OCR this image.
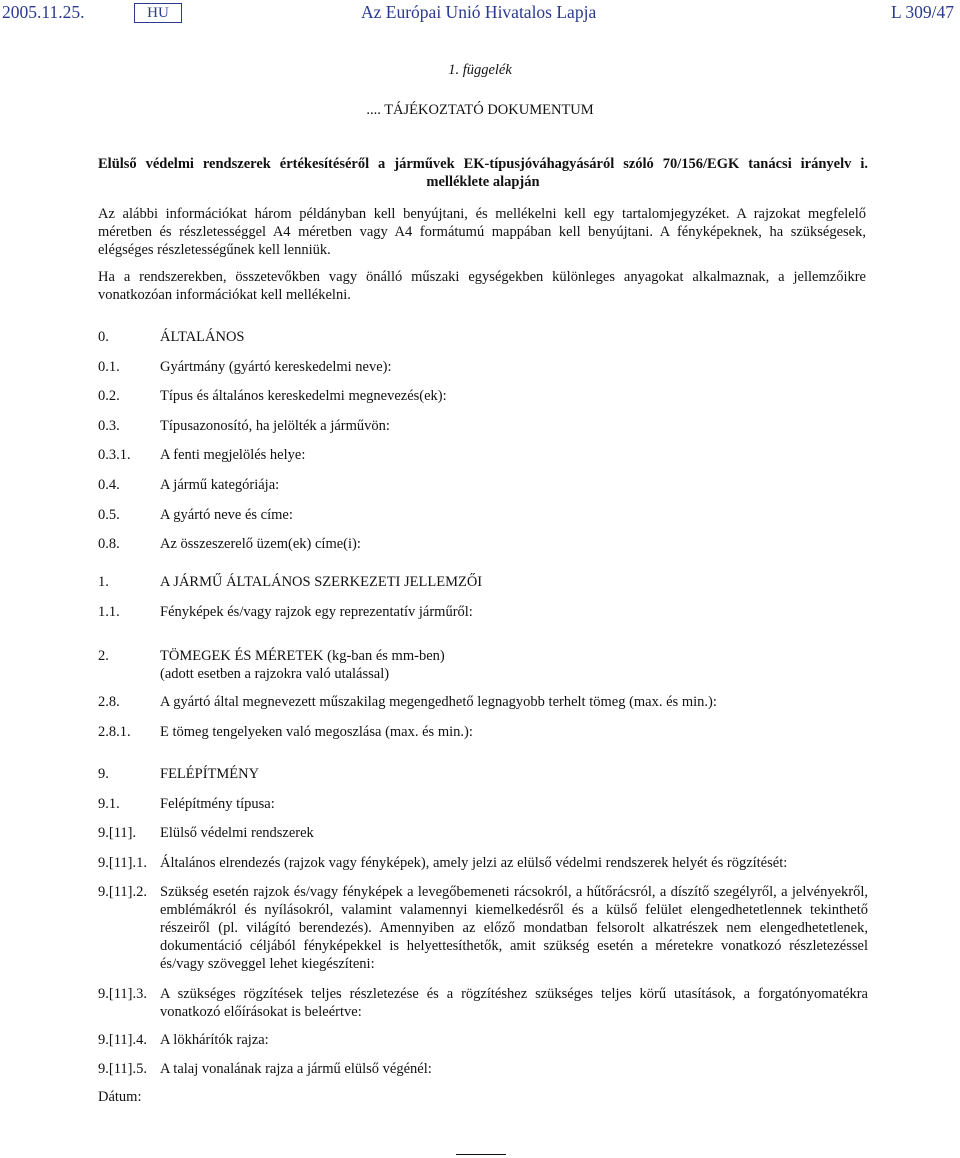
2005.11.25.	HU	Az Európai Unió Hivatalos Lapja	L 309/47
1. függelék
.... TÁJÉKOZTATÓ DOKUMENTUM
Elülső védelmi rendszerek értékesítéséről a járművek EK-típusjóváhagyásáról szóló 70/156/EGK tanácsi irányelv i. melléklete alapján
Az alábbi információkat három példányban kell benyújtani, és mellékelni kell egy tartalomjegyzéket. A rajzokat megfelelő méretben és részletességgel A4 méretben vagy A4 formátumú mappában kell benyújtani. A fényképeknek, ha szükségesek, elégséges részletességűnek kell lenniük.
Ha a rendszerekben, összetevőkben vagy önálló műszaki egységekben különleges anyagokat alkalmaznak, a jellemzőikre vonatkozóan információkat kell mellékelni.
0.	ÁLTALÁNOS
0.1.	Gyártmány (gyártó kereskedelmi neve):
0.2.	Típus és általános kereskedelmi megnevezés(ek):
0.3.	Típusazonosító, ha jelölték a járművön:
0.3.1. A fenti megjelölés helye:
0.4.	A jármű kategóriája:
0.5.	A gyártó neve és címe:
0.8.	Az összeszerelő üzem(ek) címe(i):
1.	A JÁRMŰ ÁLTALÁNOS SZERKEZETI JELLEMZŐI
1.1.	Fényképek és/vagy rajzok egy reprezentatív járműről:
2.	TÖMEGEK ÉS MÉRETEK (kg-ban és mm-ben)
(adott esetben a rajzokra való utalással)
2.8.	A gyártó által megnevezett műszakilag megengedhető legnagyobb terhelt tömeg (max. és min.):
2.8.1. E tömeg tengelyeken való megoszlása (max. és min.):
9.	FELÉPÍTMÉNY
9.1.	Felépítmény típusa:
9.[11]. Elülső védelmi rendszerek
9.[11].1. Általános elrendezés (rajzok vagy fényképek), amely jelzi az elülső védelmi rendszerek helyét és rögzítését:
9.[11].2. Szükség esetén rajzok és/vagy fényképek a levegőbemeneti rácsokról, a hűtőrácsról, a díszítő szegélyről, a jelvényekről, emblémákról és nyílásokról, valamint valamennyi kiemelkedésről és a külső felület elengedhetetlennek tekinthető részeiről (pl. világító berendezés). Amennyiben az előző mondatban felsorolt alkatrészek nem elengedhetetlenek, dokumentáció céljából fényképekkel is helyettesíthetők, amit szükség esetén a méretekre vonatkozó részletezéssel és/vagy szöveggel lehet kiegészíteni:
9.[11].3. A szükséges rögzítések teljes részletezése és a rögzítéshez szükséges teljes körű utasítások, a forgatónyomatékra vonatkozó előírásokat is beleértve:
9.[11].4. A lökhárítók rajza:
9.[11].5. A talaj vonalának rajza a jármű elülső végénél:
Dátum:
